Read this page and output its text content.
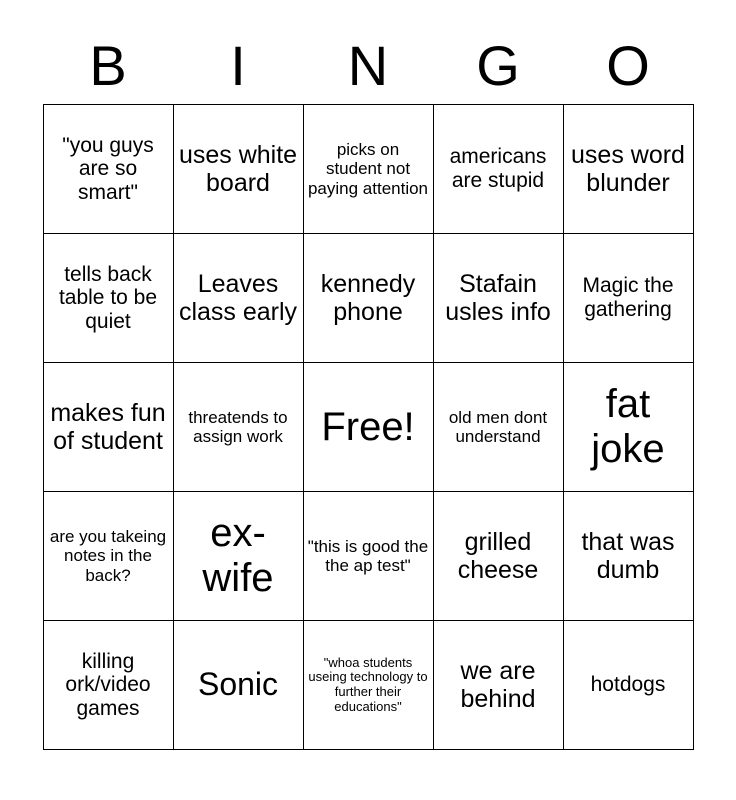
B	I	N	G	O
"you guys are so smart"	uses white board	picks on student not paying attention	americans are stupid	uses word blunder
tells back table to be quiet	Leaves class early	kennedy phone	Stafain usles info	Magic the gathering
makes fun of student	threatends to assign work	Free!	old men dont understand	fat joke
are you takeing notes in the back?	ex-wife	"this is good the the ap test"	grilled cheese	that was dumb
killing ork/video games	Sonic	"whoa students useing technology to further their educations"	we are behind	hotdogs
